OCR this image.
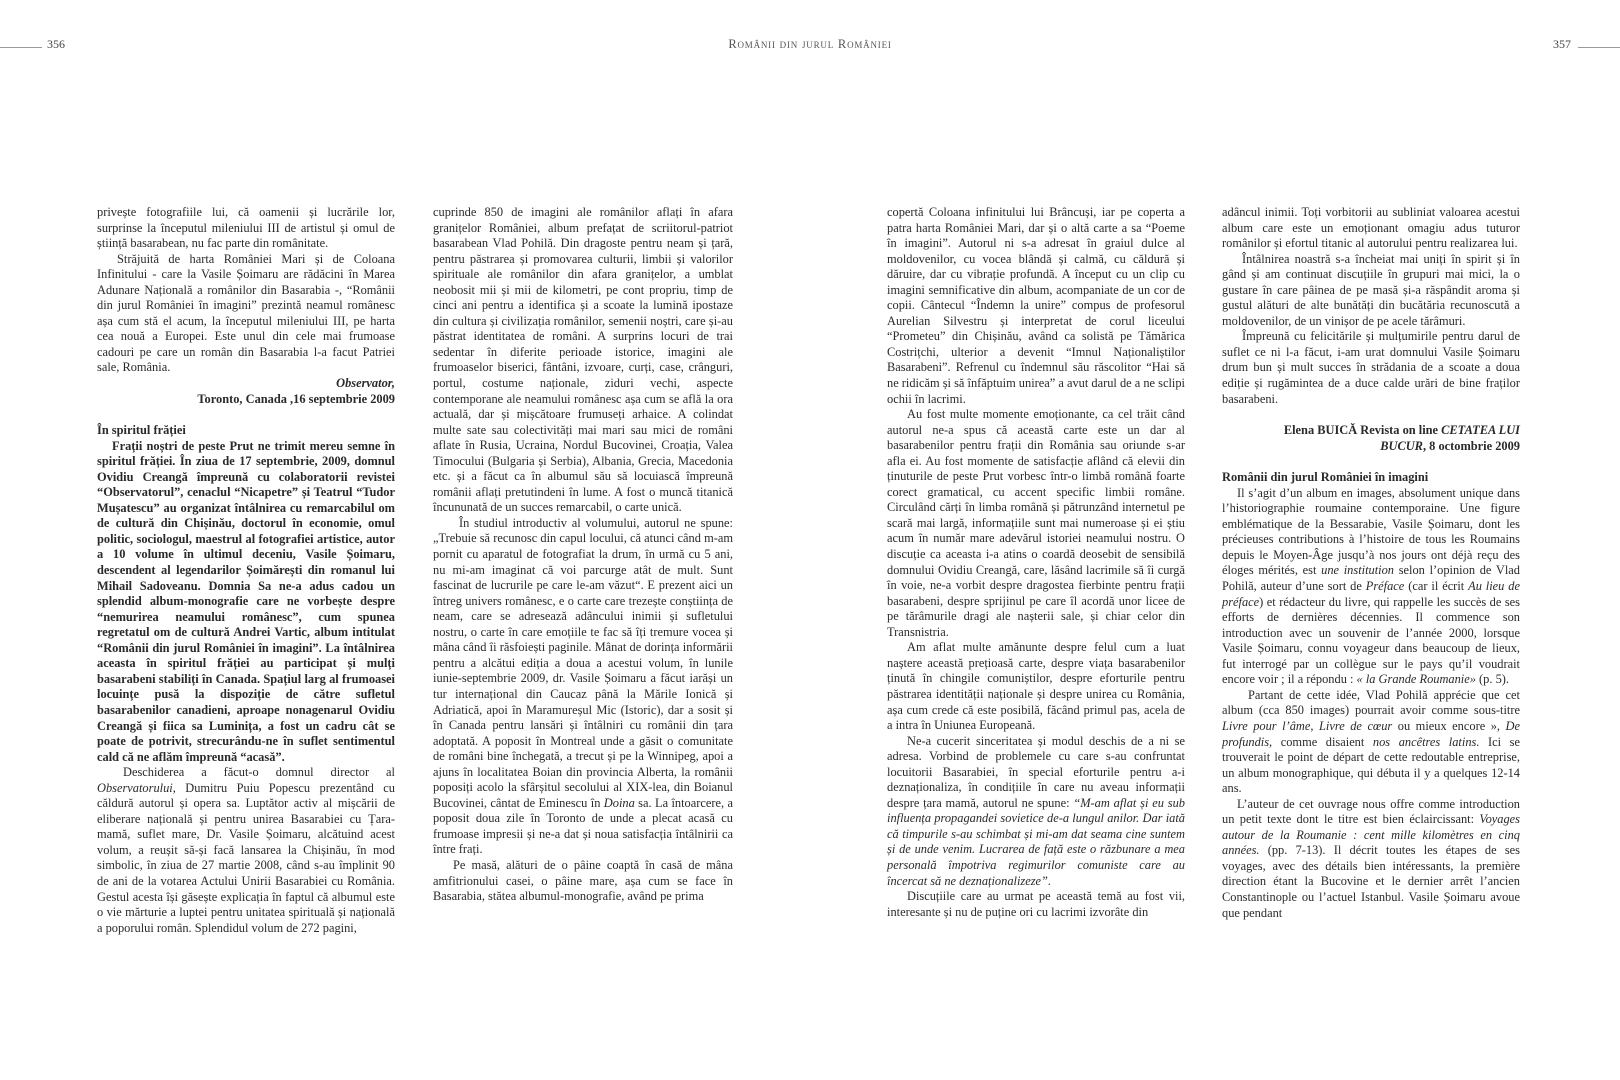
356	Românii din jurul României	357

privește fotografiile lui, că oamenii și lucrările lor, surprinse la începutul mileniului III de artistul și omul de știință basarabean, nu fac parte din românitate.

Străjuită de harta României Mari și de Coloana Infinitului - care la Vasile Șoimaru are rădăcini în Marea Adunare Națională a românilor din Basarabia -, “Românii din jurul României în imagini” prezintă neamul românesc așa cum stă el acum, la începutul mileniului III, pe harta cea nouă a Europei. Este unul din cele mai frumoase cadouri pe care un român din Basarabia l-a facut Patriei sale, România.

Observator,

Toronto, Canada ,16 septembrie 2009

În spiritul frăției

Frații noștri de peste Prut ne trimit mereu semne în spiritul frăției. În ziua de 17 septembrie, 2009, domnul Ovidiu Creangă împreună cu colaboratorii revistei “Observatorul”, cenaclul “Nicapetre” și Teatrul “Tudor Mușatescu” au organizat întâlnirea cu remarcabilul om de cultură din Chișinău, doctorul în economie, omul politic, sociologul, maestrul al fotografiei artistice, autor a 10 volume în ultimul deceniu, Vasile Șoimaru, descendent al legendarilor Șoimărești din romanul lui Mihail Sadoveanu. Domnia Sa ne-a adus cadou un splendid album-monografie care ne vorbește despre “nemurirea neamului românesc”, cum spunea regretatul om de cultură Andrei Vartic, album intitulat “Românii din jurul României în imagini”. La întâlnirea aceasta în spiritul frăției au participat și mulți basarabeni stabiliți în Canada. Spațiul larg al frumoasei locuințe pusă la dispoziție de către sufletul basarabenilor canadieni, aproape nonagenarul Ovidiu Creangă și fiica sa Luminița, a fost un cadru cât se poate de potrivit, strecurându-ne în suflet sentimentul cald că ne aflăm împreună “acasă”.

Deschiderea a făcut-o domnul director al Observatorului, Dumitru Puiu Popescu prezentând cu căldură autorul și opera sa. Luptător activ al mișcării de eliberare națională și pentru unirea Basarabiei cu Țara-mamă, suflet mare, Dr. Vasile Șoimaru, alcătuind acest volum, a reușit să-și facă lansarea la Chișinău, în mod simbolic, în ziua de 27 martie 2008, când s-au împlinit 90 de ani de la votarea Actului Unirii Basarabiei cu România. Gestul acesta își găsește explicația în faptul că albumul este o vie mărturie a luptei pentru unitatea spirituală și națională a poporului român. Splendidul volum de 272 pagini,

cuprinde 850 de imagini ale românilor aflați în afara granițelor României, album prefațat de scriitorul-patriot basarabean Vlad Pohilă. Din dragoste pentru neam și țară, pentru păstrarea și promovarea culturii, limbii și valorilor spirituale ale românilor din afara granițelor, a umblat neobosit mii și mii de kilometri, pe cont propriu, timp de cinci ani pentru a identifica și a scoate la lumină ipostaze din cultura și civilizația românilor, semenii noștri, care și-au păstrat identitatea de români. A surprins locuri de trai sedentar în diferite perioade istorice, imagini ale frumoaselor biserici, fântâni, izvoare, curți, case, crânguri, portul, costume naționale, ziduri vechi, aspecte contemporane ale neamului românesc așa cum se află la ora actuală, dar și mișcătoare frumuseți arhaice. A colindat multe sate sau colectivități mai mari sau mici de români aflate în Rusia, Ucraina, Nordul Bucovinei, Croația, Valea Timocului (Bulgaria și Serbia), Albania, Grecia, Macedonia etc. și a făcut ca în albumul său să locuiască împreună românii aflați pretutindeni în lume. A fost o muncă titanică încununată de un succes remarcabil, o carte unică.

În studiul introductiv al volumului, autorul ne spune: „Trebuie să recunosc din capul locului, că atunci când m-am pornit cu aparatul de fotografiat la drum, în urmă cu 5 ani, nu mi-am imaginat că voi parcurge atât de mult. Sunt fascinat de lucrurile pe care le-am văzut“. E prezent aici un întreg univers românesc, e o carte care trezește conștiința de neam, care se adresează adâncului inimii și sufletului nostru, o carte în care emoțiile te fac să îți tremure vocea și mâna când îi răsfoiești paginile. Mânat de dorința informării pentru a alcătui ediția a doua a acestui volum, în lunile iunie-septembrie 2009, dr. Vasile Șoimaru a făcut iarăși un tur internațional din Caucaz până la Mările Ionică și Adriatică, apoi în Maramureșul Mic (Istoric), dar a sosit și în Canada pentru lansări și întâlniri cu românii din țara adoptată. A poposit în Montreal unde a găsit o comunitate de români bine închegată, a trecut și pe la Winnipeg, apoi a ajuns în localitatea Boian din provincia Alberta, la românii poposiți acolo la sfârșitul secolului al XIX-lea, din Boianul Bucovinei, cântat de Eminescu în Doina sa. La întoarcere, a poposit doua zile în Toronto de unde a plecat acasă cu frumoase impresii și ne-a dat și noua satisfacția întâlnirii ca între frați.

Pe masă, alături de o pâine coaptă în casă de mâna amfitrionului casei, o pâine mare, așa cum se face în Basarabia, stătea albumul-monografie, având pe prima

copertă Coloana infinitului lui Brâncuși, iar pe coperta a patra harta României Mari, dar și o altă carte a sa “Poeme în imagini”. Autorul ni s-a adresat în graiul dulce al moldovenilor, cu vocea blândă și calmă, cu căldură și dăruire, dar cu vibrație profundă. A început cu un clip cu imagini semnificative din album, acompaniate de un cor de copii. Cântecul “Îndemn la unire” compus de profesorul Aurelian Silvestru și interpretat de corul liceului “Prometeu” din Chișinău, având ca solistă pe Tămărica Costrițchi, ulterior a devenit “Imnul Naționaliștilor Basarabeni”. Refrenul cu îndemnul său răscolitor “Hai să ne ridicăm și să înfăptuim unirea” a avut darul de a ne sclipi ochii în lacrimi.

Au fost multe momente emoționante, ca cel trăit când autorul ne-a spus că această carte este un dar al basarabenilor pentru frații din România sau oriunde s-ar afla ei. Au fost momente de satisfacție aflând că elevii din ținuturile de peste Prut vorbesc într-o limbă română foarte corect gramatical, cu accent specific limbii române. Circulând cărți în limba română și pătrunzând internetul pe scară mai largă, informațiile sunt mai numeroase și ei știu acum în număr mare adevărul istoriei neamului nostru. O discuție ca aceasta i-a atins o coardă deosebit de sensibilă domnului Ovidiu Creangă, care, lăsând lacrimile să îi curgă în voie, ne-a vorbit despre dragostea fierbinte pentru frații basarabeni, despre sprijinul pe care îl acordă unor licee de pe tărâmurile dragi ale nașterii sale, și chiar celor din Transnistria.

Am aflat multe amănunte despre felul cum a luat naștere această prețioasă carte, despre viața basarabenilor ținută în chingile comuniștilor, despre eforturile pentru păstrarea identității naționale și despre unirea cu România, așa cum crede că este posibilă, făcând primul pas, acela de a intra în Uniunea Europeană.

Ne-a cucerit sinceritatea și modul deschis de a ni se adresa. Vorbind de problemele cu care s-au confruntat locuitorii Basarabiei, în special eforturile pentru a-i deznaționaliza, în condițiile în care nu aveau informații despre țara mamă, autorul ne spune: “M-am aflat și eu sub influența propagandei sovietice de-a lungul anilor. Dar iată că timpurile s-au schimbat și mi-am dat seama cine suntem și de unde venim. Lucrarea de față este o răzbunare a mea personală împotriva regimurilor comuniste care au încercat să ne deznaționalizeze”.

Discuțiile care au urmat pe această temă au fost vii, interesante și nu de puține ori cu lacrimi izvorâte din

adâncul inimii. Toți vorbitorii au subliniat valoarea acestui album care este un emoționant omagiu adus tuturor românilor și efortul titanic al autorului pentru realizarea lui.

Întâlnirea noastră s-a încheiat mai uniți în spirit și în gând și am continuat discuțiile în grupuri mai mici, la o gustare în care pâinea de pe masă și-a răspândit aroma și gustul alături de alte bunătăți din bucătăria recunoscută a moldovenilor, de un vinișor de pe acele tărâmuri.

Împreună cu felicitările și mulțumirile pentru darul de suflet ce ni l-a făcut, i-am urat domnului Vasile Șoimaru drum bun și mult succes în strădania de a scoate a doua ediție și rugămintea de a duce calde urări de bine fraților basarabeni.

Elena BUICĂ Revista on line CETATEA LUI
BUCUR, 8 octombrie 2009

Românii din jurul României în imagini

Il s’agit d’un album en images, absolument unique dans l’historiographie roumaine contemporaine. Une figure emblématique de la Bessarabie, Vasile Șoimaru, dont les précieuses contributions à l’histoire de tous les Roumains depuis le Moyen-Âge jusqu’à nos jours ont déjà reçu des éloges mérités, est une institution selon l’opinion de Vlad Pohilă, auteur d’une sort de Préface (car il écrit Au lieu de préface) et rédacteur du livre, qui rappelle les succès de ses efforts de dernières décennies. Il commence son introduction avec un souvenir de l’année 2000, lorsque Vasile Șoimaru, connu voyageur dans beaucoup de lieux, fut interrogé par un collègue sur le pays qu’il voudrait encore voir ; il a répondu : « la Grande Roumanie» (p. 5).

Partant de cette idée, Vlad Pohilă apprécie que cet album (cca 850 images) pourrait avoir comme sous-titre Livre pour l’âme, Livre de cœur ou mieux encore », De profundis, comme disaient nos ancêtres latins. Ici se trouverait le point de départ de cette redoutable entreprise, un album monographique, qui débuta il y a quelques 12-14 ans.

L’auteur de cet ouvrage nous offre comme introduction un petit texte dont le titre est bien éclaircissant: Voyages autour de la Roumanie : cent mille kilomètres en cinq années. (pp. 7-13). Il décrit toutes les étapes de ses voyages, avec des détails bien intéressants, la première direction étant la Bucovine et le dernier arrêt l’ancien Constantinople ou l’actuel Istanbul. Vasile Șoimaru avoue que pendant
